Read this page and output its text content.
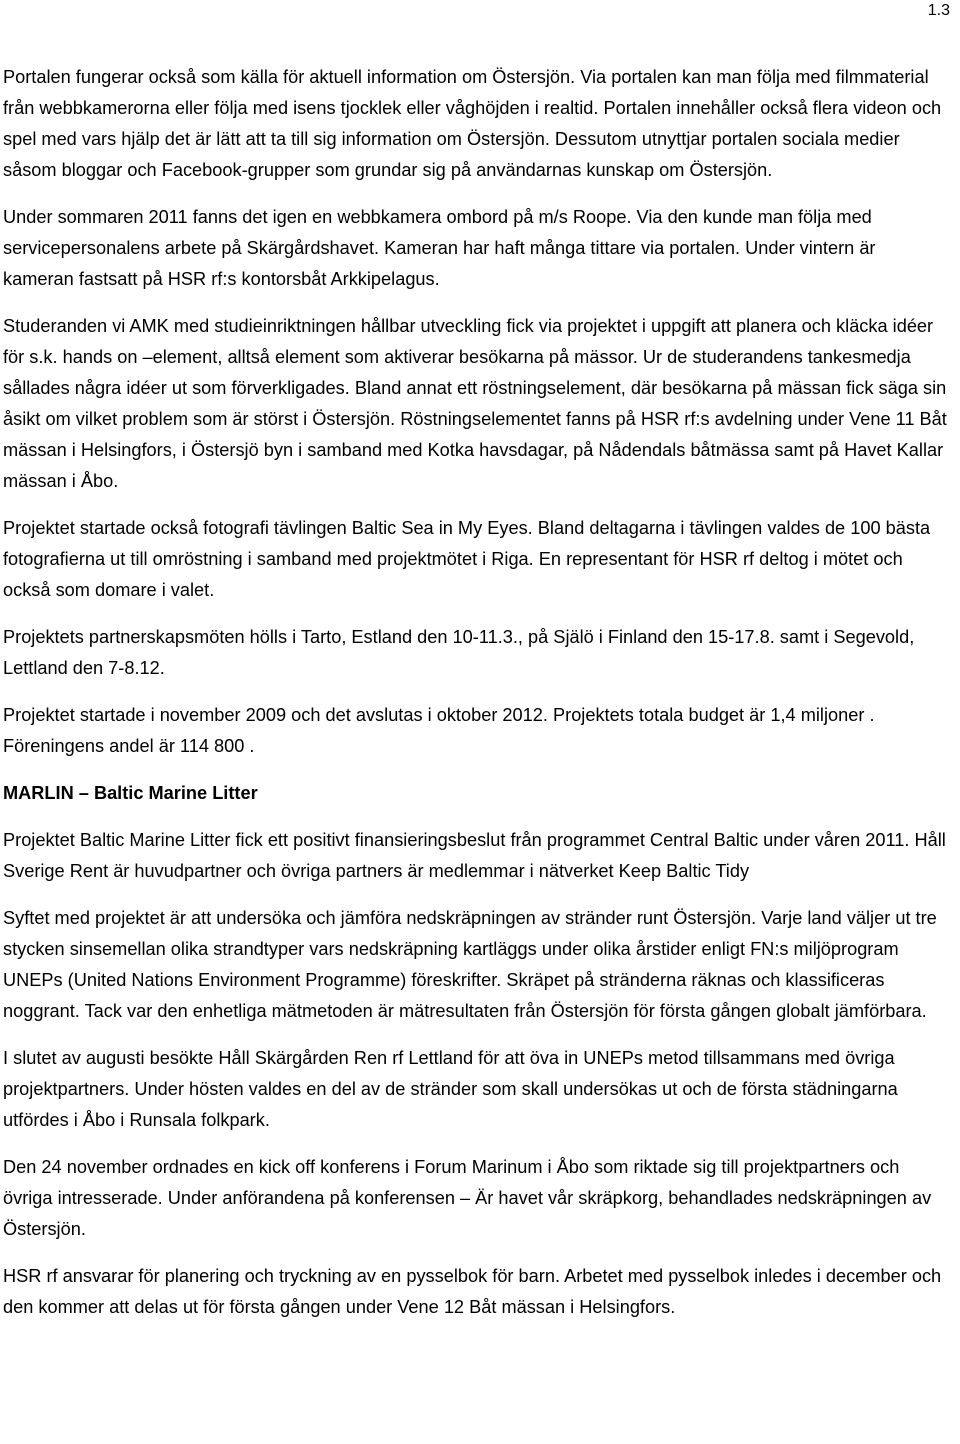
1.3

Portalen fungerar också som källa för aktuell information om Östersjön. Via portalen kan man följa med filmmaterial från webbkamerorna eller följa med isens tjocklek eller våghöjden i realtid. Portalen innehåller också flera videon och spel med vars hjälp det är lätt att ta till sig information om Östersjön. Dessutom utnyttjar portalen sociala medier såsom bloggar och Facebook-grupper som grundar sig på användarnas kunskap om Östersjön.

Under sommaren 2011 fanns det igen en webbkamera ombord på m/s Roope. Via den kunde man följa med servicepersonalens arbete på Skärgårdshavet. Kameran har haft många tittare via portalen. Under vintern är kameran fastsatt på HSR rf:s kontorsbåt Arkkipelagus.

Studeranden vi AMK med studieinriktningen hållbar utveckling fick via projektet i uppgift att planera och kläcka idéer för s.k. hands on –element, alltså element som aktiverar besökarna på mässor. Ur de studerandens tankesmedja sållades några idéer ut som förverkligades. Bland annat ett röstningselement, där besökarna på mässan fick säga sin åsikt om vilket problem som är störst i Östersjön. Röstningselementet fanns på HSR rf:s avdelning under Vene 11 Båt mässan i Helsingfors, i Östersjö byn i samband med Kotka havsdagar, på Nådendals båtmässa samt på Havet Kallar mässan i Åbo.

Projektet startade också fotografi tävlingen Baltic Sea in My Eyes. Bland deltagarna i tävlingen valdes de 100 bästa fotografierna ut till omröstning i samband med projektmötet i Riga. En representant för HSR rf deltog i mötet och också som domare i valet.

Projektets partnerskapsmöten hölls i Tarto, Estland den 10-11.3., på Själö i Finland den 15-17.8. samt i Segevold, Lettland den 7-8.12.

Projektet startade i november 2009 och det avslutas i oktober 2012. Projektets totala budget är 1,4 miljoner . Föreningens andel är 114 800 .

MARLIN – Baltic Marine Litter

Projektet Baltic Marine Litter fick ett positivt finansieringsbeslut från programmet Central Baltic under våren 2011. Håll Sverige Rent är huvudpartner och övriga partners är medlemmar i nätverket Keep Baltic Tidy

Syftet med projektet är att undersöka och jämföra nedskräpningen av stränder runt Östersjön. Varje land väljer ut tre stycken sinsemellan olika strandtyper vars nedskräpning kartläggs under olika årstider enligt FN:s miljöprogram UNEPs (United Nations Environment Programme) föreskrifter. Skräpet på stränderna räknas och klassificeras noggrant. Tack var den enhetliga mätmetoden är mätresultaten från Östersjön för första gången globalt jämförbara.

I slutet av augusti besökte Håll Skärgården Ren rf Lettland för att öva in UNEPs metod tillsammans med övriga projektpartners. Under hösten valdes en del av de stränder som skall undersökas ut och de första städningarna utfördes i Åbo i Runsala folkpark.

Den 24 november ordnades en kick off konferens i Forum Marinum i Åbo som riktade sig till projektpartners och övriga intresserade. Under anförandena på konferensen – Är havet vår skräpkorg, behandlades nedskräpningen av Östersjön.

HSR rf ansvarar för planering och tryckning av en pysselbok för barn. Arbetet med pysselbok inledes i december och den kommer att delas ut för första gången under Vene 12 Båt mässan i Helsingfors.
